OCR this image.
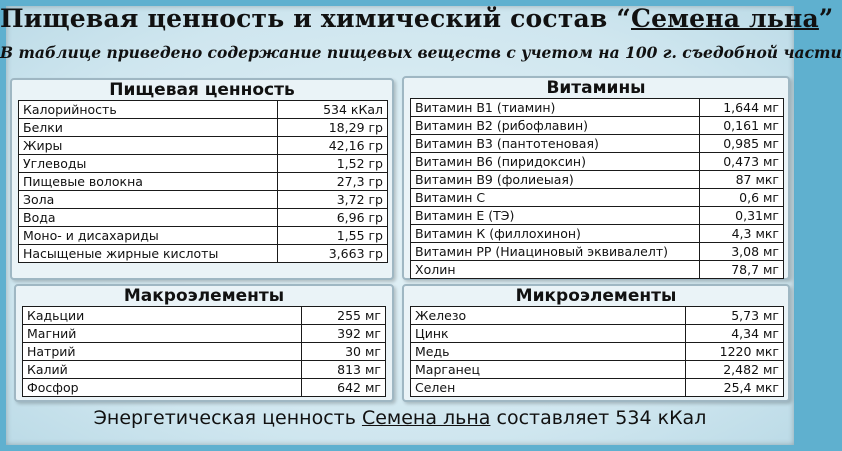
Пищевая ценность и химический состав “Семена льна”
В таблице приведено содержание пищевых веществ с учетом на 100 г. съедобной части
Пищевая ценность
Калорийность	534 кКал
Белки	18,29 гр
Жиры	42,16 гр
Углеводы	1,52 гр
Пищевые волокна	27,3 гр
Зола	3,72 гр
Вода	6,96 гр
Моно- и дисахариды	1,55 гр
Насыщеные жирные кислоты	3,663 гр
Витамины
Витамин В1 (тиамин)	1,644 мг
Витамин В2 (рибофлавин)	0,161 мг
Витамин В3 (пантотеновая)	0,985 мг
Витамин В6 (пиридоксин)	0,473 мг
Витамин В9 (фолиеыая)	87 мкг
Витамин С	0,6 мг
Витамин Е (ТЭ)	0,31мг
Витамин К (филлохинон)	4,3 мкг
Витамин РР (Ниациновый эквивалелт)	3,08 мг
Холин	78,7 мг
Макроэлементы
Кадьции	255 мг
Магний	392 мг
Натрий	30 мг
Калий	813 мг
Фосфор	642 мг
Микроэлементы
Железо	5,73 мг
Цинк	4,34 мг
Медь	1220 мкг
Марганец	2,482 мг
Селен	25,4 мкг
Энергетическая ценность Семена льна составляет 534 кКал
